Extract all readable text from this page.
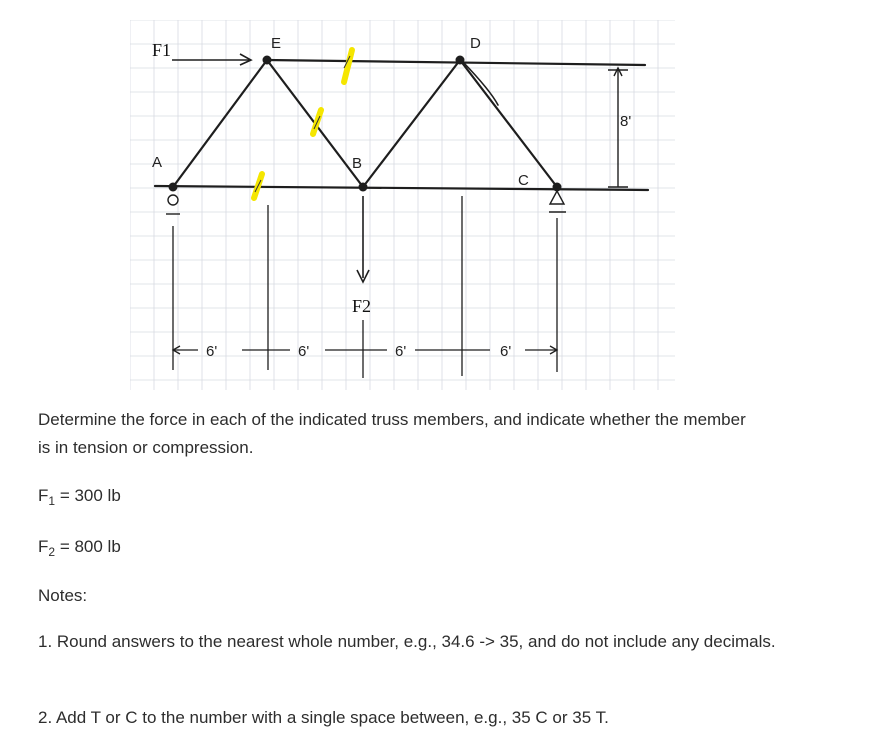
8'
F1
F2
E	D
A	B
C
6'	6'	6'	6'
Determine the force in each of the indicated truss members, and indicate whether the member is in tension or compression.
$F_1 = 300$ lb
$F_2 = 800$ lb
Notes:
1. Round answers to the nearest whole number, e.g., 34.6 -> 35, and do not include any decimals.
2. Add T or C to the number with a single space between, e.g., 35 C or 35 T.
